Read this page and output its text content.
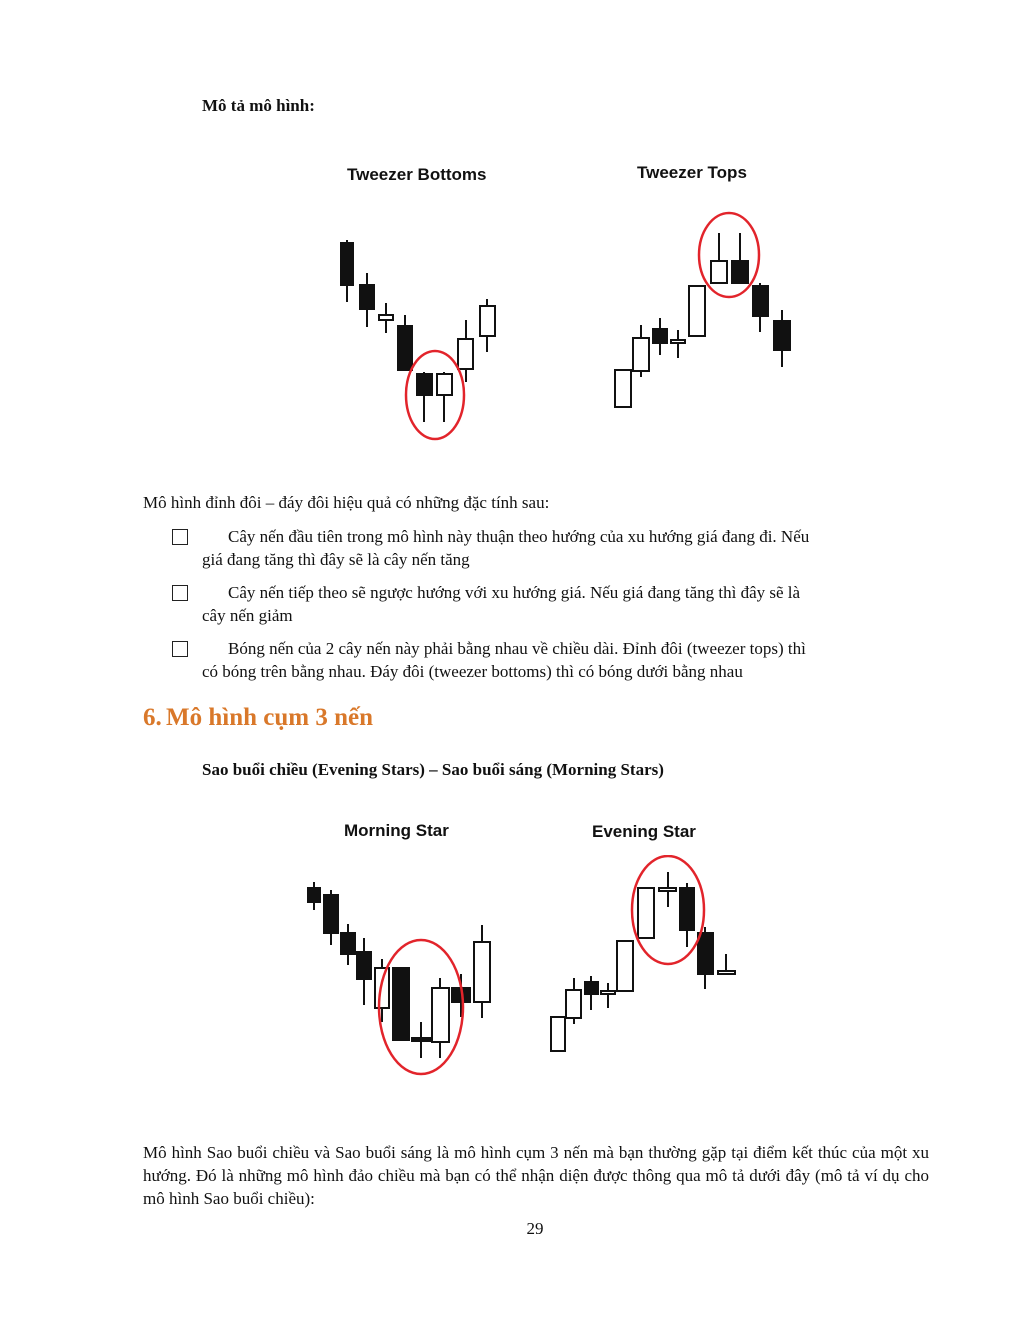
Mô tả mô hình:
Tweezer Bottoms	Tweezer Tops
Mô hình đỉnh đôi – đáy đôi hiệu quả có những đặc tính sau:
Cây nến đầu tiên trong mô hình này thuận theo hướng của xu hướng giá đang đi. Nếu
giá đang tăng thì đây sẽ là cây nến tăng
Cây nến tiếp theo sẽ ngược hướng với xu hướng giá. Nếu giá đang tăng thì đây sẽ là
cây nến giảm
Bóng nến của 2 cây nến này phải bằng nhau về chiều dài. Đỉnh đôi (tweezer tops) thì
có bóng trên bằng nhau. Đáy đôi (tweezer bottoms) thì có bóng dưới bằng nhau
6. Mô hình cụm 3 nến
Sao buổi chiều (Evening Stars) – Sao buổi sáng (Morning Stars)
Morning Star	Evening Star
Mô hình Sao buổi chiều và Sao buổi sáng là mô hình cụm 3 nến mà bạn thường gặp tại điểm kết thúc của một xu hướng. Đó là những mô hình đảo chiều mà bạn có thể nhận diện được thông qua mô tả dưới đây (mô tả ví dụ cho mô hình Sao buổi chiều):
29
